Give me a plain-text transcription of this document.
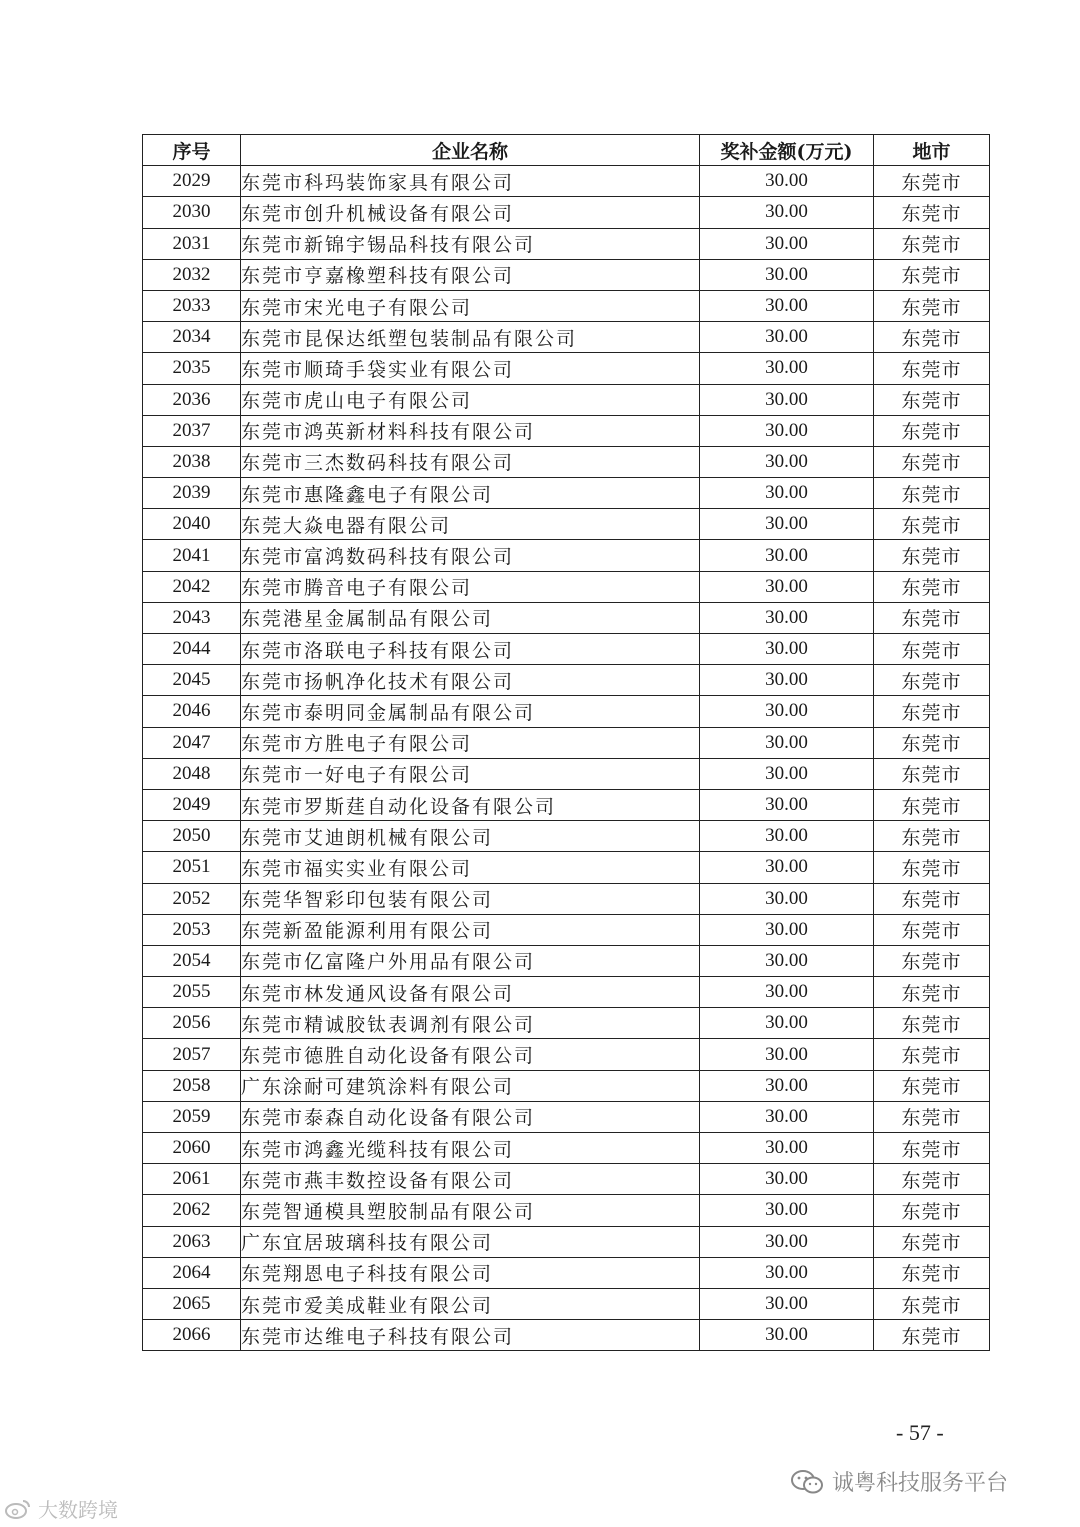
序号	企业名称	奖补金额(万元)	地市
2029	东莞市科玛装饰家具有限公司	30.00	东莞市
2030	东莞市创升机械设备有限公司	30.00	东莞市
2031	东莞市新锦宇锡品科技有限公司	30.00	东莞市
2032	东莞市亨嘉橡塑科技有限公司	30.00	东莞市
2033	东莞市宋光电子有限公司	30.00	东莞市
2034	东莞市昆保达纸塑包装制品有限公司	30.00	东莞市
2035	东莞市顺琦手袋实业有限公司	30.00	东莞市
2036	东莞市虎山电子有限公司	30.00	东莞市
2037	东莞市鸿英新材料科技有限公司	30.00	东莞市
2038	东莞市三杰数码科技有限公司	30.00	东莞市
2039	东莞市惠隆鑫电子有限公司	30.00	东莞市
2040	东莞大焱电器有限公司	30.00	东莞市
2041	东莞市富鸿数码科技有限公司	30.00	东莞市
2042	东莞市腾音电子有限公司	30.00	东莞市
2043	东莞港星金属制品有限公司	30.00	东莞市
2044	东莞市洛联电子科技有限公司	30.00	东莞市
2045	东莞市扬帆净化技术有限公司	30.00	东莞市
2046	东莞市泰明同金属制品有限公司	30.00	东莞市
2047	东莞市方胜电子有限公司	30.00	东莞市
2048	东莞市一好电子有限公司	30.00	东莞市
2049	东莞市罗斯莛自动化设备有限公司	30.00	东莞市
2050	东莞市艾迪朗机械有限公司	30.00	东莞市
2051	东莞市福实实业有限公司	30.00	东莞市
2052	东莞华智彩印包装有限公司	30.00	东莞市
2053	东莞新盈能源利用有限公司	30.00	东莞市
2054	东莞市亿富隆户外用品有限公司	30.00	东莞市
2055	东莞市林发通风设备有限公司	30.00	东莞市
2056	东莞市精诚胶钛表调剂有限公司	30.00	东莞市
2057	东莞市德胜自动化设备有限公司	30.00	东莞市
2058	广东涂耐可建筑涂料有限公司	30.00	东莞市
2059	东莞市泰森自动化设备有限公司	30.00	东莞市
2060	东莞市鸿鑫光缆科技有限公司	30.00	东莞市
2061	东莞市燕丰数控设备有限公司	30.00	东莞市
2062	东莞智通模具塑胶制品有限公司	30.00	东莞市
2063	广东宜居玻璃科技有限公司	30.00	东莞市
2064	东莞翔恩电子科技有限公司	30.00	东莞市
2065	东莞市爱美成鞋业有限公司	30.00	东莞市
2066	东莞市达维电子科技有限公司	30.00	东莞市
- 57 -
诚粤科技服务平台
大数跨境
